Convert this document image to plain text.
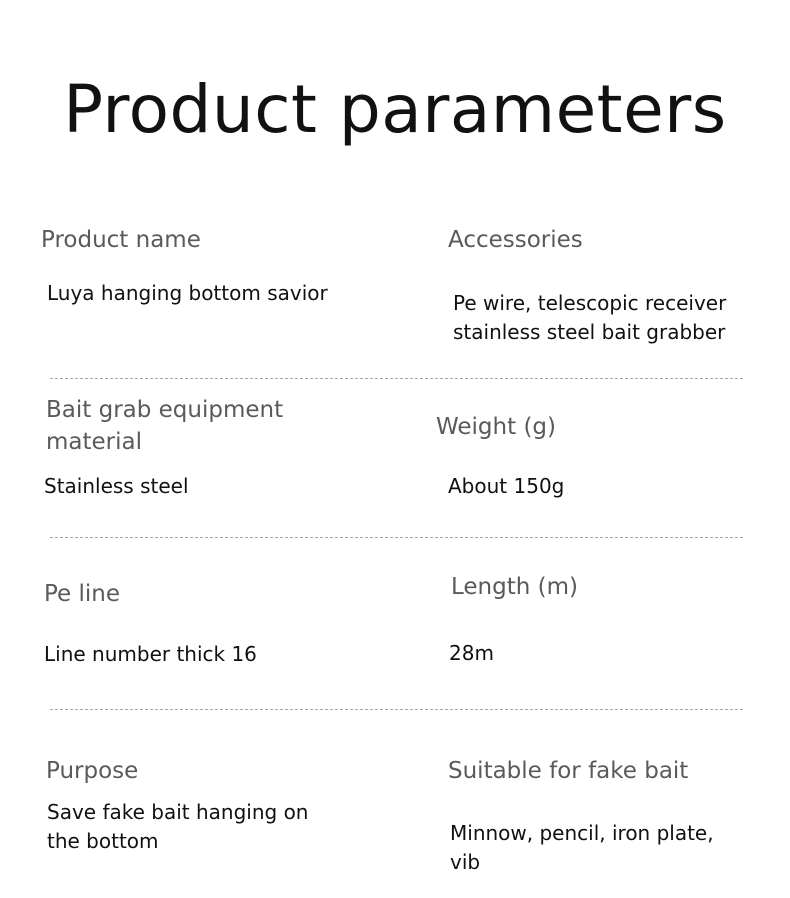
Product parameters

Product name

Luya hanging bottom savior

Accessories

Pe wire, telescopic receiver stainless steel bait grabber

Bait grab equipment material

Stainless steel

Weight (g)

About 150g

Pe line

Line number thick 16

Length (m)

28m

Purpose

Save fake bait hanging on the bottom

Suitable for fake bait

Minnow, pencil, iron plate, vib
